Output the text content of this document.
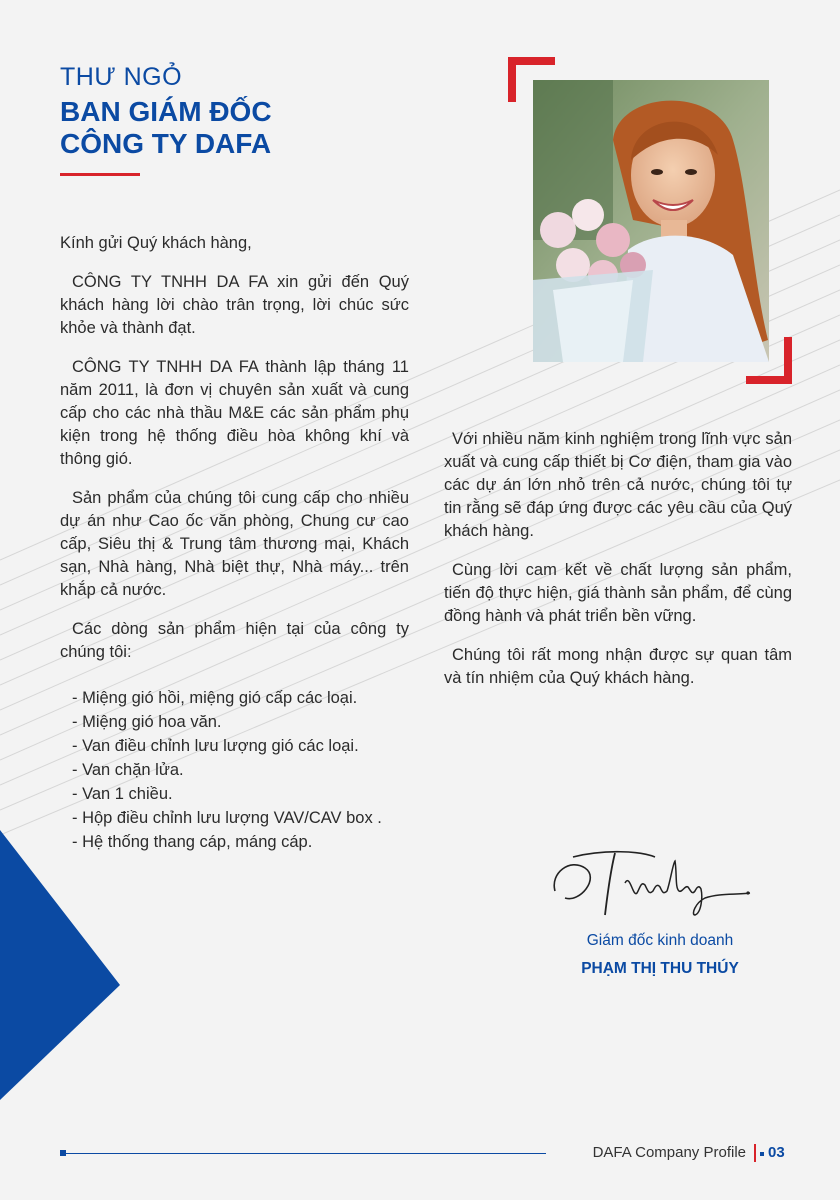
THƯ NGỎ
BAN GIÁM ĐỐC
CÔNG TY DAFA

Kính gửi Quý khách hàng,

CÔNG TY TNHH DA FA xin gửi đến Quý khách hàng lời chào trân trọng, lời chúc sức khỏe và thành đạt.

CÔNG TY TNHH DA FA thành lập tháng 11 năm 2011, là đơn vị chuyên sản xuất và cung cấp cho các nhà thầu M&E các sản phẩm phụ kiện trong hệ thống điều hòa không khí và thông gió.

Sản phẩm của chúng tôi cung cấp cho nhiều dự án như Cao ốc văn phòng, Chung cư cao cấp, Siêu thị & Trung tâm thương mại, Khách sạn, Nhà hàng, Nhà biệt thự, Nhà máy... trên khắp cả nước.

Các dòng sản phẩm hiện tại của công ty chúng tôi:

- Miệng gió hồi, miệng gió cấp các loại.
- Miệng gió hoa văn.
- Van điều chỉnh lưu lượng gió các loại.
- Van chặn lửa.
- Van 1 chiều.
- Hộp điều chỉnh lưu lượng VAV/CAV box .
- Hệ thống thang cáp, máng cáp.

Với nhiều năm kinh nghiệm trong lĩnh vực sản xuất và cung cấp thiết bị Cơ điện, tham gia vào các dự án lớn nhỏ trên cả nước, chúng tôi tự tin rằng sẽ đáp ứng được các yêu cầu của Quý khách hàng.

Cùng lời cam kết về chất lượng sản phẩm, tiến độ thực hiện, giá thành sản phẩm, để cùng đồng hành và phát triển bền vững.

Chúng tôi rất mong nhận được sự quan tâm và tín nhiệm của Quý khách hàng.

Giám đốc kinh doanh
PHẠM THỊ THU THÚY
DAFA Company Profile 03
